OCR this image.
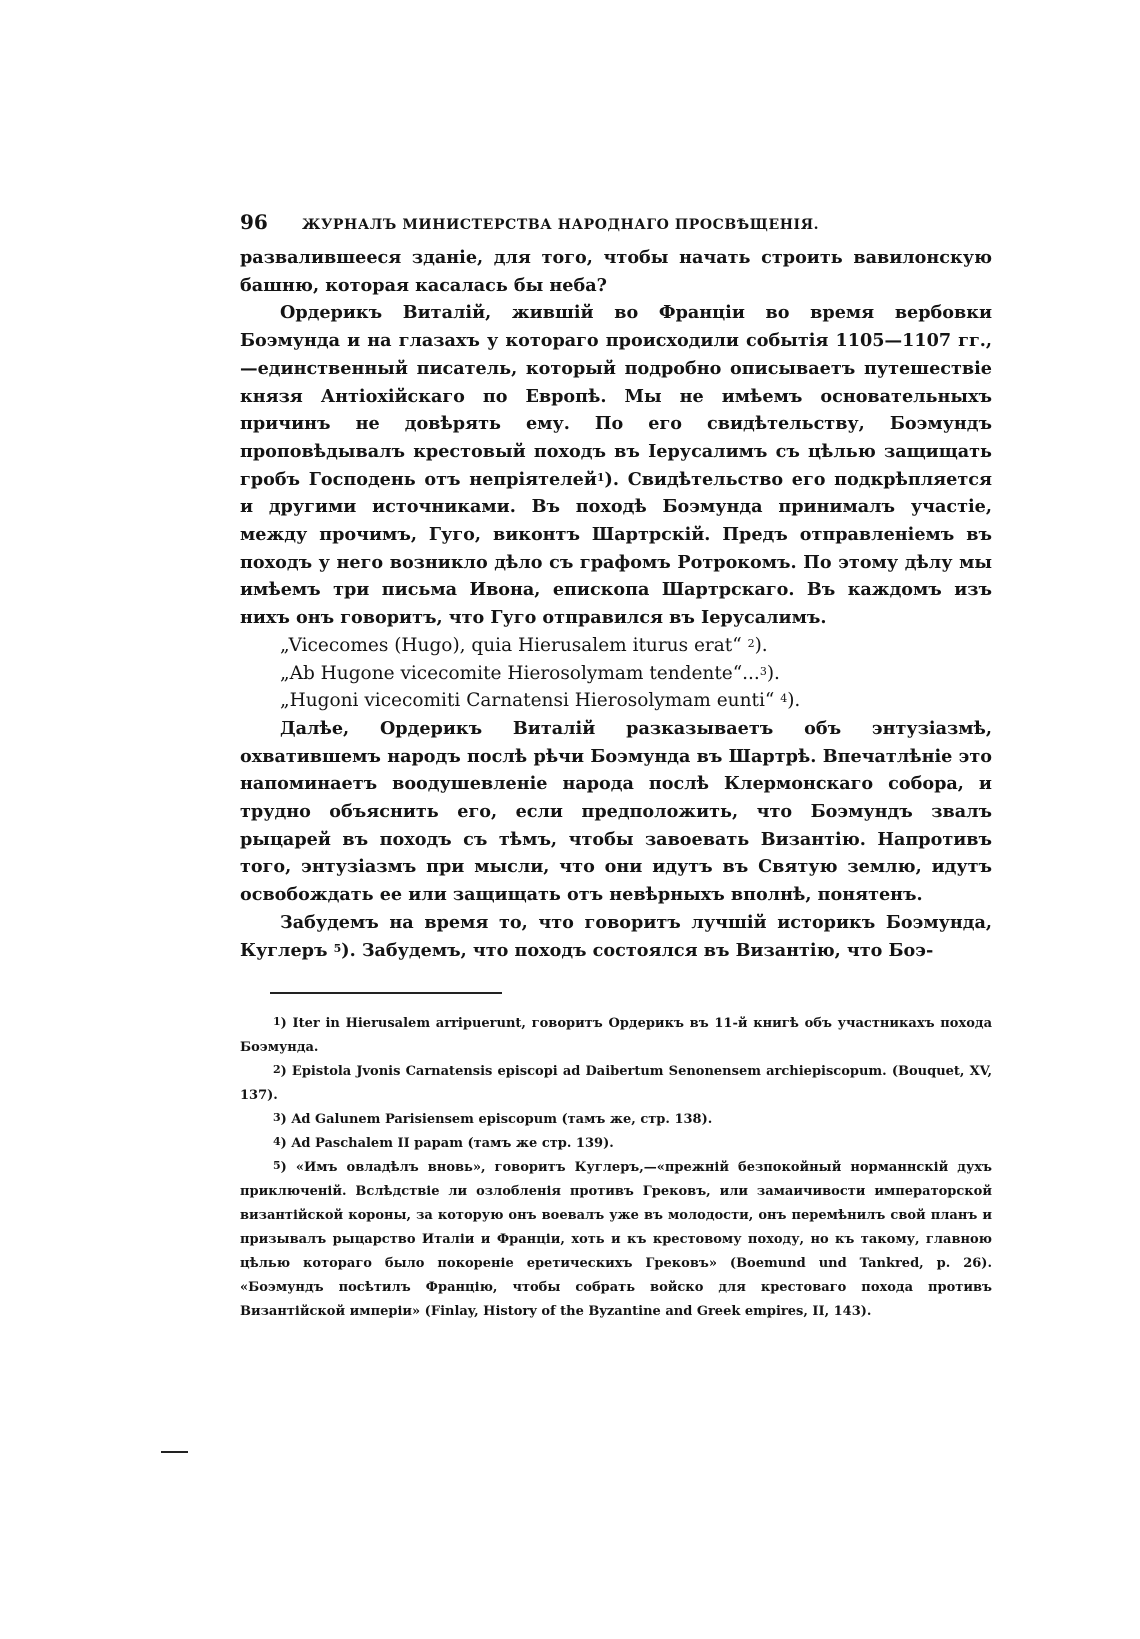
96	ЖУРНАЛЪ МИНИСТЕРСТВА НАРОДНАГО ПРОСВѢЩЕНІЯ.

развалившееся зданіе, для того, чтобы начать строить вавилонскую башню, которая касалась бы неба?

Ордерикъ Виталій, жившій во Франціи во время вербовки Боэмунда и на глазахъ у котораго происходили событія 1105—1107 гг., —единственный писатель, который подробно описываетъ путешествіе князя Антіохійскаго по Европѣ. Мы не имѣемъ основательныхъ причинъ не довѣрять ему. По его свидѣтельству, Боэмундъ проповѣдывалъ крестовый походъ въ Іерусалимъ съ цѣлью защищать гробъ Господень отъ непріятелей$^1$). Свидѣтельство его подкрѣпляется и другими источниками. Въ походѣ Боэмунда принималъ участіе, между прочимъ, Гуго, виконтъ Шартрскій. Предъ отправленіемъ въ походъ у него возникло дѣло съ графомъ Ротрокомъ. По этому дѣлу мы имѣемъ три письма Ивона, епископа Шартрскаго. Въ каждомъ изъ нихъ онъ говоритъ, что Гуго отправился въ Іерусалимъ.

„Vicecomes (Hugo), quia Hierusalem iturus erat“ $^2$).

„Ab Hugone vicecomite Hierosolymam tendente“...$^3$).

„Hugoni vicecomiti Carnatensi Hierosolymam eunti“ $^4$).

Далѣе, Ордерикъ Виталій разказываетъ объ энтузіазмѣ, охватившемъ народъ послѣ рѣчи Боэмунда въ Шартрѣ. Впечатлѣніе это напоминаетъ воодушевленіе народа послѣ Клермонскаго собора, и трудно объяснить его, если предположить, что Боэмундъ звалъ рыцарей въ походъ съ тѣмъ, чтобы завоевать Византію. Напротивъ того, энтузіазмъ при мысли, что они идутъ въ Святую землю, идутъ освобождать ее или защищать отъ невѣрныхъ вполнѣ, понятенъ.

Забудемъ на время то, что говоритъ лучшій историкъ Боэмунда, Куглеръ $^5$). Забудемъ, что походъ состоялся въ Византію, что Боэ-

$^1$) Iter in Hierusalem arripuerunt, говоритъ Ордерикъ въ 11-й книгѣ объ участникахъ похода Боэмунда.

$^2$) Epistola Jvonis Carnatensis episcopi ad Daibertum Senonensem archiepiscopum. (Bouquet, XV, 137).

$^3$) Ad Galunem Parisiensem episcopum (тамъ же, стр. 138).

$^4$) Ad Paschalem II papam (тамъ же стр. 139).

$^5$) «Имъ овладѣлъ вновь», говоритъ Куглеръ,—«прежній безпокойный норманнскій духъ приключеній. Вслѣдствіе ли озлобленія противъ Грековъ, или замаичивости императорской византійской короны, за которую онъ воевалъ уже въ молодости, онъ перемѣнилъ свой планъ и призывалъ рыцарство Италіи и Франціи, хоть и къ крестовому походу, но къ такому, главною цѣлью котораго было покореніе еретическихъ Грековъ» (Boemund und Tankred, p. 26). «Боэмундъ посѣтилъ Францію, чтобы собрать войско для крестоваго похода противъ Византійской имперіи» (Finlay, History of the Byzantine and Greek empires, II, 143).
